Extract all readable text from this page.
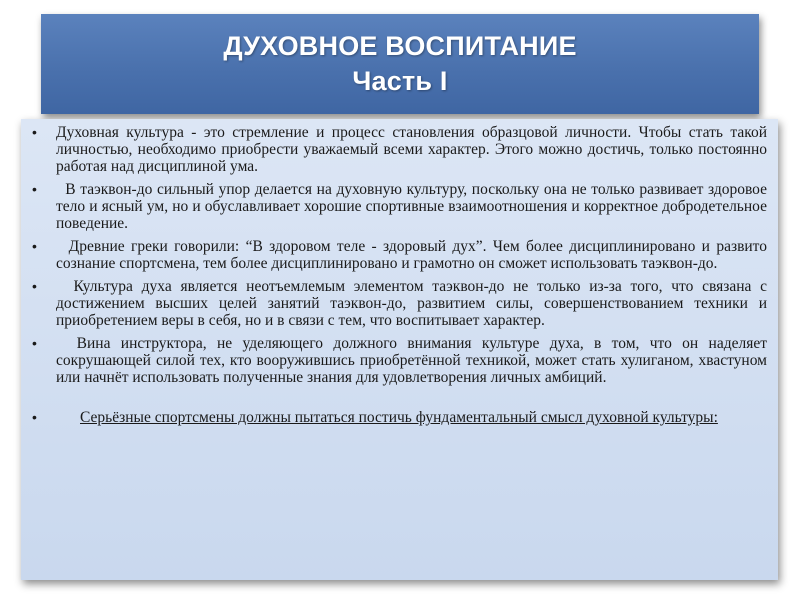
ДУХОВНОЕ ВОСПИТАНИЕ
Часть I
• Духовная культура - это стремление и процесс становления образцовой личности. Чтобы стать такой личностью, необходимо приобрести уважаемый всеми характер. Этого можно достичь, только постоянно работая над дисциплиной ума.
• В таэквон-до сильный упор делается на духовную культуру, поскольку она не только развивает здоровое тело и ясный ум, но и обуславливает хорошие спортивные взаимоотношения и корректное добродетельное поведение.
• Древние греки говорили: “В здоровом теле - здоровый дух”. Чем более дисциплинировано и развито сознание спортсмена, тем более дисциплинировано и грамотно он сможет использовать таэквон-до.
• Культура духа является неотъемлемым элементом таэквон-до не только из-за того, что связана с достижением высших целей занятий таэквон-до, развитием силы, совершенствованием техники и приобретением веры в себя, но и в связи с тем, что воспитывает характер.
• Вина инструктора, не уделяющего должного внимания культуре духа, в том, что он наделяет сокрушающей силой тех, кто вооружившись приобретённой техникой, может стать хулиганом, хвастуном или начнёт использовать полученные знания для удовлетворения личных амбиций.
•	Серьёзные спортсмены должны пытаться постичь фундаментальный смысл духовной культуры:
